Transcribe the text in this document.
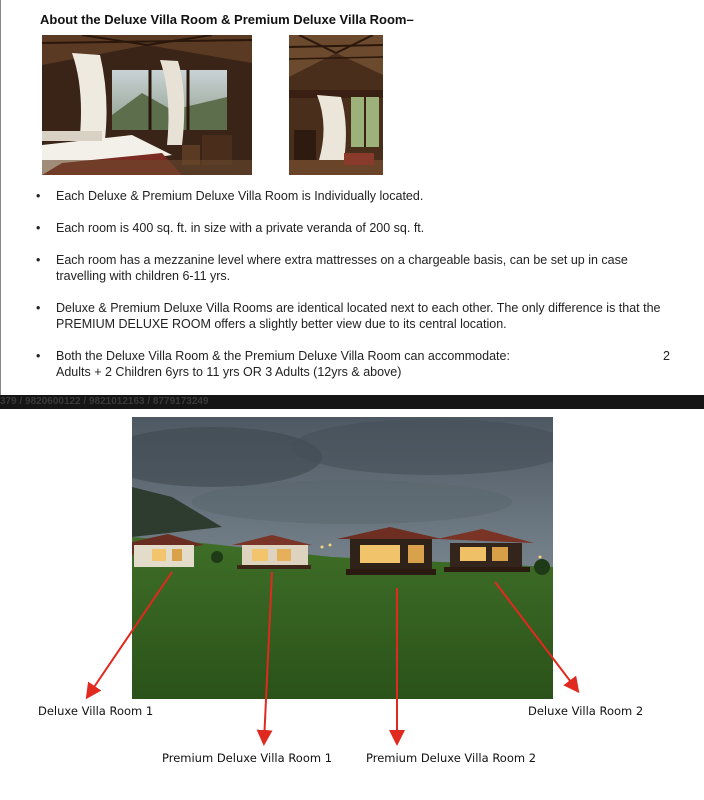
About the Deluxe Villa Room & Premium Deluxe Villa Room–
•	Each Deluxe & Premium Deluxe Villa Room is Individually located.
•	Each room is 400 sq. ft. in size with a private veranda of 200 sq. ft.
•	Each room has a mezzanine level where extra mattresses on a chargeable basis, can be set up in case travelling with children 6-11 yrs.
•	Deluxe & Premium Deluxe Villa Rooms are identical located next to each other. The only difference is that the PREMIUM DELUXE ROOM offers a slightly better view due to its central location.
•	Both the Deluxe Villa Room & the Premium Deluxe Villa Room can accommodate:
Adults + 2 Children 6yrs to 11 yrs OR 3 Adults (12yrs & above)
2
379 / 9820600122 / 9821012163 / 8779173249
Deluxe Villa Room 1	Deluxe Villa Room 2
Premium Deluxe Villa Room 1	Premium Deluxe Villa Room 2
